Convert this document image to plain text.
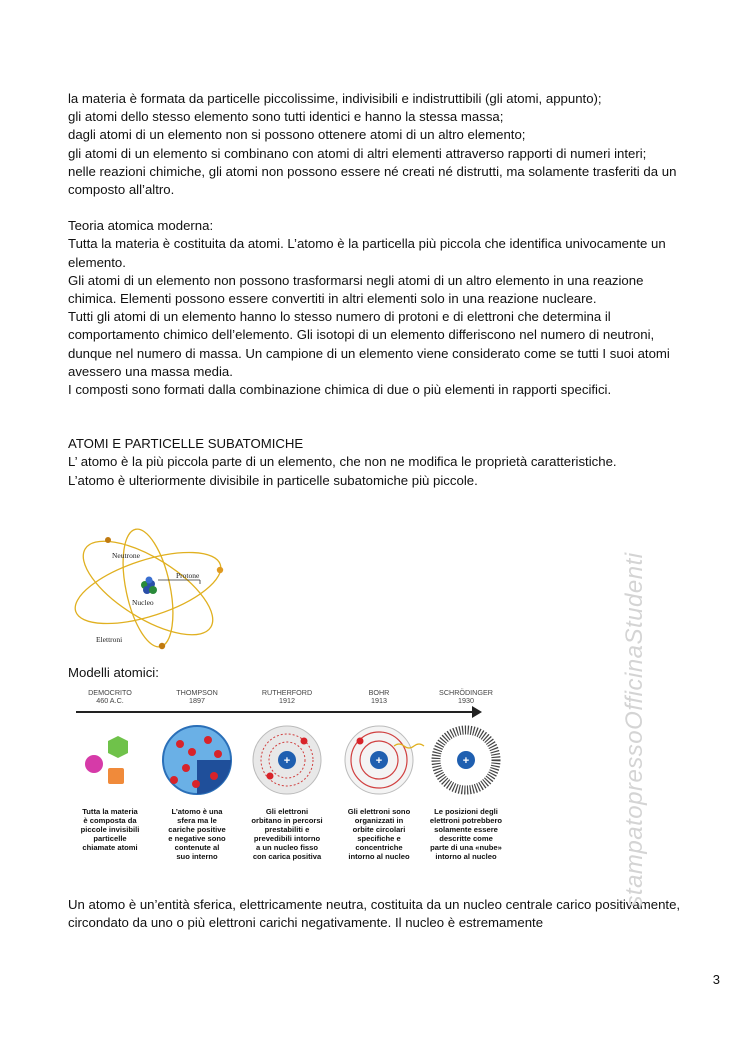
la materia è formata da particelle piccolissime, indivisibili e indistruttibili (gli atomi, appunto);

gli atomi dello stesso elemento sono tutti identici e hanno la stessa massa;

dagli atomi di un elemento non si possono ottenere atomi di un altro elemento;

gli atomi di un elemento si combinano con atomi di altri elementi attraverso rapporti di numeri interi;

nelle reazioni chimiche, gli atomi non possono essere né creati né distrutti, ma solamente trasferiti da un composto all’altro.

Teoria atomica moderna:

Tutta la materia è costituita da atomi. L’atomo è la particella più piccola che identifica univocamente un elemento.

Gli atomi di un elemento non possono trasformarsi negli atomi di un altro elemento in una reazione chimica. Elementi possono essere convertiti in altri elementi solo in una reazione nucleare.

Tutti gli atomi di un elemento hanno lo stesso numero di protoni e di elettroni che determina il comportamento chimico dell’elemento. Gli isotopi di un elemento differiscono nel numero di neutroni, dunque nel numero di massa. Un campione di un elemento viene considerato come se tutti I suoi atomi avessero una massa media.

I composti sono formati dalla combinazione chimica di due o più elementi in rapporti specifici.

ATOMI E PARTICELLE SUBATOMICHE

L’ atomo è la più piccola parte di un elemento, che non ne modifica le proprietà caratteristiche.

L’atomo è ulteriormente divisibile in particelle subatomiche più piccole.

Neutrone
Protone
Nucleo
Elettroni

Modelli atomici:

DEMOCRITO
460 A.C.
THOMPSON
1897
RUTHERFORD
1912
BOHR
1913
SCHRÖDINGER
1930
+	+	+
Tutta la materia
è composta da
piccole invisibili
particelle
chiamate atomi
L’atomo è una
sfera ma le
cariche positive
e negative sono
contenute al
suo interno
Gli elettroni
orbitano in percorsi
prestabiliti e
prevedibili intorno
a un nucleo fisso
con carica positiva
Gli elettroni sono
organizzati in
orbite circolari
specifiche e
concentriche
intorno al nucleo
Le posizioni degli
elettroni potrebbero
solamente essere
descritte come
parte di una «nube»
intorno al nucleo

Un atomo è un’entità sferica, elettricamente neutra, costituita da un nucleo centrale carico positivamente, circondato da uno o più elettroni carichi negativamente. Il nucleo è estremamente

stampatopressoOfficinaStudenti
3
